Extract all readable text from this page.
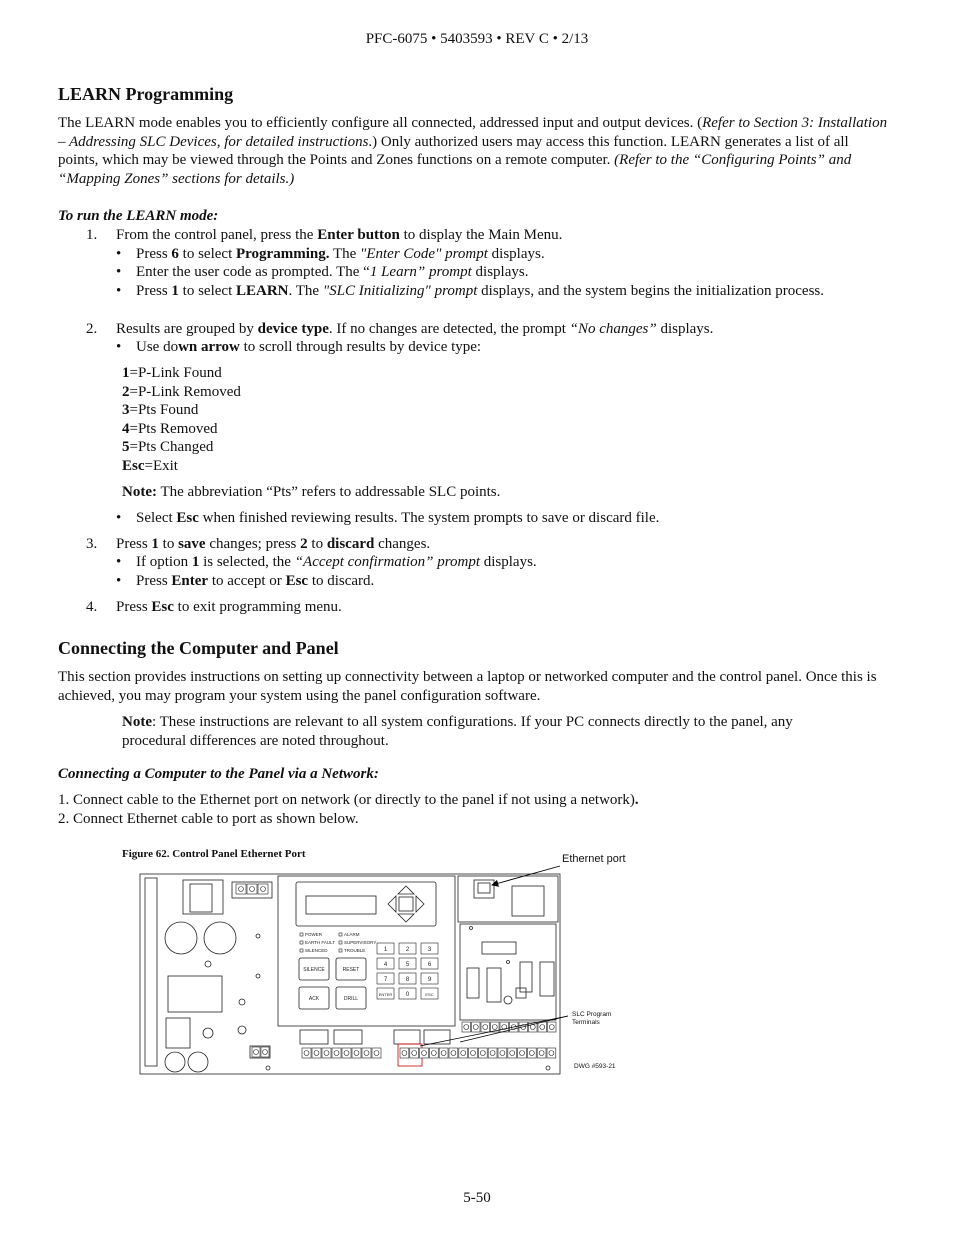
PFC-6075 • 5403593 • REV C • 2/13
LEARN Programming

The LEARN mode enables you to efficiently configure all connected, addressed input and output devices. (Refer to Section 3: Installation – Addressing SLC Devices, for detailed instructions.) Only authorized users may access this function. LEARN generates a list of all points, which may be viewed through the Points and Zones functions on a remote computer. (Refer to the “Configuring Points” and “Mapping Zones” sections for details.)

To run the LEARN mode:
1. From the control panel, press the Enter button to display the Main Menu.
• Press 6 to select Programming. The "Enter Code" prompt displays.
• Enter the user code as prompted. The “1 Learn” prompt displays.
• Press 1 to select LEARN. The "SLC Initializing" prompt displays, and the system begins the initialization process.
2. Results are grouped by device type. If no changes are detected, the prompt “No changes” displays.
• Use down arrow to scroll through results by device type:
1=P-Link Found
2=P-Link Removed
3=Pts Found
4=Pts Removed
5=Pts Changed
Esc=Exit
Note: The abbreviation “Pts” refers to addressable SLC points.
• Select Esc when finished reviewing results. The system prompts to save or discard file.
3. Press 1 to save changes; press 2 to discard changes.
• If option 1 is selected, the “Accept confirmation” prompt displays.
• Press Enter to accept or Esc to discard.
4. Press Esc to exit programming menu.
Connecting the Computer and Panel

This section provides instructions on setting up connectivity between a laptop or networked computer and the control panel. Once this is achieved, you may program your system using the panel configuration software.

Note: These instructions are relevant to all system configurations. If your PC connects directly to the panel, any procedural differences are noted throughout.

Connecting a Computer to the Panel via a Network:
1. Connect cable to the Ethernet port on network (or directly to the panel if not using a network).
2. Connect Ethernet cable to port as shown below.
Figure 62. Control Panel Ethernet Port
POWER
EARTH FAULT
SILENCED
ALARM
SUPERVISORY
TROUBLE
SILENCE	RESET
ACK	DRILL
1	2	3
4	5	6
7	8	9
ENTER 0	ESC
Ethernet port
SLC Program
Terminals
DWG #593-21
5-50
